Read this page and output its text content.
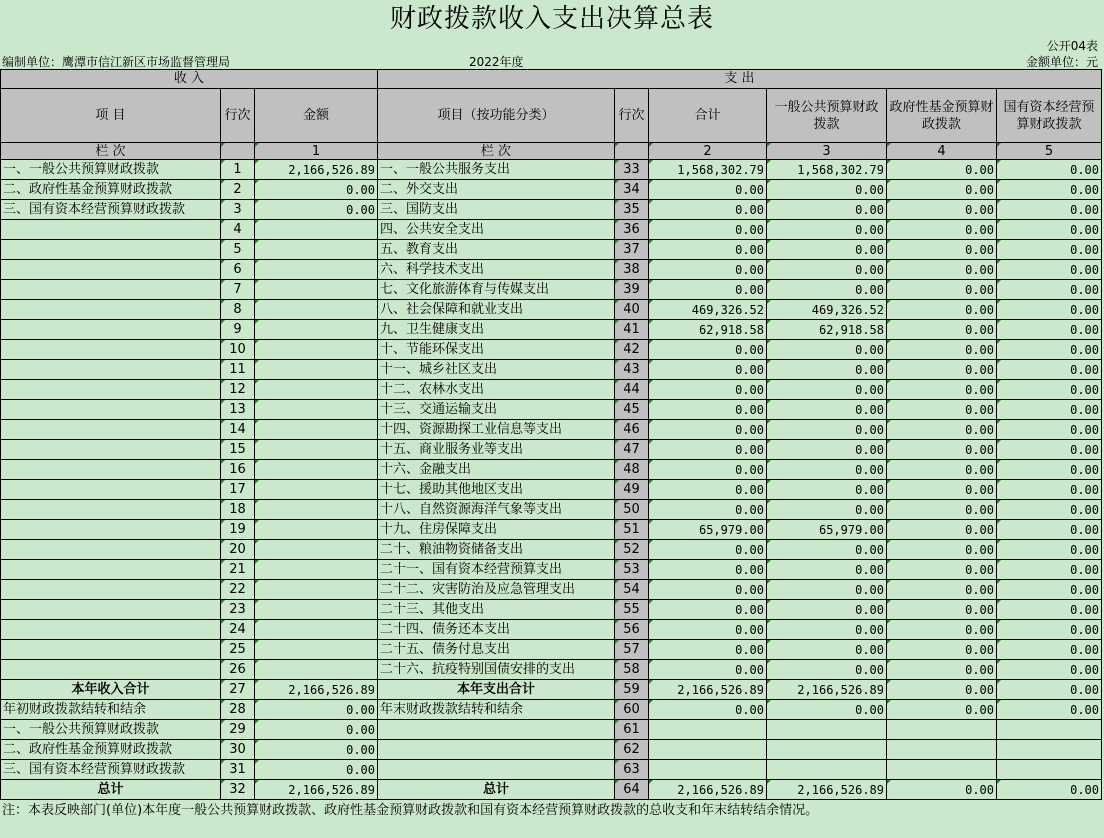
财政拨款收入支出决算总表
公开04表
编制单位：鹰潭市信江新区市场监督管理局	2022年度	金额单位：元
收 入			支 出					
项 目	行次	金额	项目（按功能分类）	行次	合计	一般公共预算财政拨款	政府性基金预算财政拨款	国有资本经营预算财政拨款
栏 次		1	栏 次		2	3	4	5
一、一般公共预算财政拨款	1	2,166,526.89	一、一般公共服务支出	33	1,568,302.79	1,568,302.79	0.00	0.00
二、政府性基金预算财政拨款	2	0.00	二、外交支出	34	0.00	0.00	0.00	0.00
三、国有资本经营预算财政拨款	3	0.00	三、国防支出	35	0.00	0.00	0.00	0.00
	4		四、公共安全支出	36	0.00	0.00	0.00	0.00
	5		五、教育支出	37	0.00	0.00	0.00	0.00
	6		六、科学技术支出	38	0.00	0.00	0.00	0.00
	7		七、文化旅游体育与传媒支出	39	0.00	0.00	0.00	0.00
	8		八、社会保障和就业支出	40	469,326.52	469,326.52	0.00	0.00
	9		九、卫生健康支出	41	62,918.58	62,918.58	0.00	0.00
	10		十、节能环保支出	42	0.00	0.00	0.00	0.00
	11		十一、城乡社区支出	43	0.00	0.00	0.00	0.00
	12		十二、农林水支出	44	0.00	0.00	0.00	0.00
	13		十三、交通运输支出	45	0.00	0.00	0.00	0.00
	14		十四、资源勘探工业信息等支出	46	0.00	0.00	0.00	0.00
	15		十五、商业服务业等支出	47	0.00	0.00	0.00	0.00
	16		十六、金融支出	48	0.00	0.00	0.00	0.00
	17		十七、援助其他地区支出	49	0.00	0.00	0.00	0.00
	18		十八、自然资源海洋气象等支出	50	0.00	0.00	0.00	0.00
	19		十九、住房保障支出	51	65,979.00	65,979.00	0.00	0.00
	20		二十、粮油物资储备支出	52	0.00	0.00	0.00	0.00
	21		二十一、国有资本经营预算支出	53	0.00	0.00	0.00	0.00
	22		二十二、灾害防治及应急管理支出	54	0.00	0.00	0.00	0.00
	23		二十三、其他支出	55	0.00	0.00	0.00	0.00
	24		二十四、债务还本支出	56	0.00	0.00	0.00	0.00
	25		二十五、债务付息支出	57	0.00	0.00	0.00	0.00
	26		二十六、抗疫特别国债安排的支出	58	0.00	0.00	0.00	0.00
本年收入合计	27	2,166,526.89	本年支出合计	59	2,166,526.89	2,166,526.89	0.00	0.00
年初财政拨款结转和结余	28	0.00	年末财政拨款结转和结余	60	0.00	0.00	0.00	0.00
一、一般公共预算财政拨款	29	0.00		61				
二、政府性基金预算财政拨款	30	0.00		62				
三、国有资本经营预算财政拨款	31	0.00		63				
总计	32	2,166,526.89	总计	64	2,166,526.89	2,166,526.89	0.00	0.00
注：本表反映部门(单位)本年度一般公共预算财政拨款、政府性基金预算财政拨款和国有资本经营预算财政拨款的总收支和年末结转结余情况。
